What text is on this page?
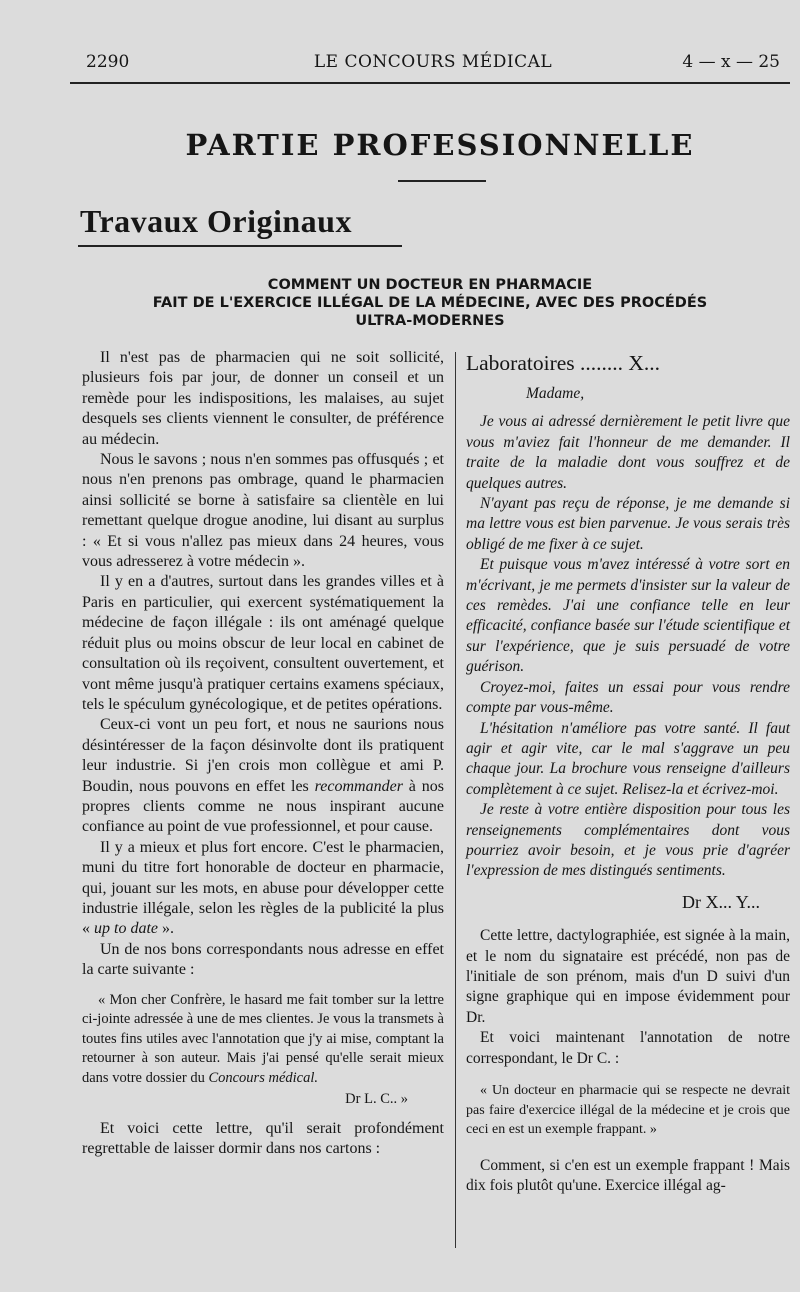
2290	LE CONCOURS MÉDICAL	4 — x — 25
PARTIE PROFESSIONNELLE
Travaux Originaux
COMMENT UN DOCTEUR EN PHARMACIE
FAIT DE L'EXERCICE ILLÉGAL DE LA MÉDECINE, AVEC DES PROCÉDÉS
ULTRA-MODERNES

Il n'est pas de pharmacien qui ne soit sollicité, plusieurs fois par jour, de donner un conseil et un remède pour les indispositions, les malaises, au sujet desquels ses clients viennent le consulter, de préférence au médecin.

Nous le savons ; nous n'en sommes pas offusqués ; et nous n'en prenons pas ombrage, quand le pharmacien ainsi sollicité se borne à satisfaire sa clientèle en lui remettant quelque drogue anodine, lui disant au surplus : « Et si vous n'allez pas mieux dans 24 heures, vous vous adresserez à votre médecin ».

Il y en a d'autres, surtout dans les grandes villes et à Paris en particulier, qui exercent systématiquement la médecine de façon illégale : ils ont aménagé quelque réduit plus ou moins obscur de leur local en cabinet de consultation où ils reçoivent, consultent ouvertement, et vont même jusqu'à pratiquer certains examens spéciaux, tels le spéculum gynécologique, et de petites opérations.

Ceux-ci vont un peu fort, et nous ne saurions nous désintéresser de la façon désinvolte dont ils pratiquent leur industrie. Si j'en crois mon collègue et ami P. Boudin, nous pouvons en effet les recommander à nos propres clients comme ne nous inspirant aucune confiance au point de vue professionnel, et pour cause.

Il y a mieux et plus fort encore. C'est le pharmacien, muni du titre fort honorable de docteur en pharmacie, qui, jouant sur les mots, en abuse pour développer cette industrie illégale, selon les règles de la publicité la plus « up to date ».

Un de nos bons correspondants nous adresse en effet la carte suivante :

« Mon cher Confrère, le hasard me fait tomber sur la lettre ci-jointe adressée à une de mes clientes. Je vous la transmets à toutes fins utiles avec l'annotation que j'y ai mise, comptant la retourner à son auteur. Mais j'ai pensé qu'elle serait mieux dans votre dossier du Concours médical.

Dr L. C.. »

Et voici cette lettre, qu'il serait profondément regrettable de laisser dormir dans nos cartons :

Laboratoires ........ X...

Madame,

Je vous ai adressé dernièrement le petit livre que vous m'aviez fait l'honneur de me demander. Il traite de la maladie dont vous souffrez et de quelques autres.

N'ayant pas reçu de réponse, je me demande si ma lettre vous est bien parvenue. Je vous serais très obligé de me fixer à ce sujet.

Et puisque vous m'avez intéressé à votre sort en m'écrivant, je me permets d'insister sur la valeur de ces remèdes. J'ai une confiance telle en leur efficacité, confiance basée sur l'étude scientifique et sur l'expérience, que je suis persuadé de votre guérison.

Croyez-moi, faites un essai pour vous rendre compte par vous-même.

L'hésitation n'améliore pas votre santé. Il faut agir et agir vite, car le mal s'aggrave un peu chaque jour. La brochure vous renseigne d'ailleurs complètement à ce sujet. Relisez-la et écrivez-moi.

Je reste à votre entière disposition pour tous les renseignements complémentaires dont vous pourriez avoir besoin, et je vous prie d'agréer l'expression de mes distingués sentiments.

Dr X... Y...

Cette lettre, dactylographiée, est signée à la main, et le nom du signataire est précédé, non pas de l'initiale de son prénom, mais d'un D suivi d'un signe graphique qui en impose évidemment pour Dr.

Et voici maintenant l'annotation de notre correspondant, le Dr C. :

« Un docteur en pharmacie qui se respecte ne devrait pas faire d'exercice illégal de la médecine et je crois que ceci en est un exemple frappant. »

Comment, si c'en est un exemple frappant ! Mais dix fois plutôt qu'une. Exercice illégal ag-
